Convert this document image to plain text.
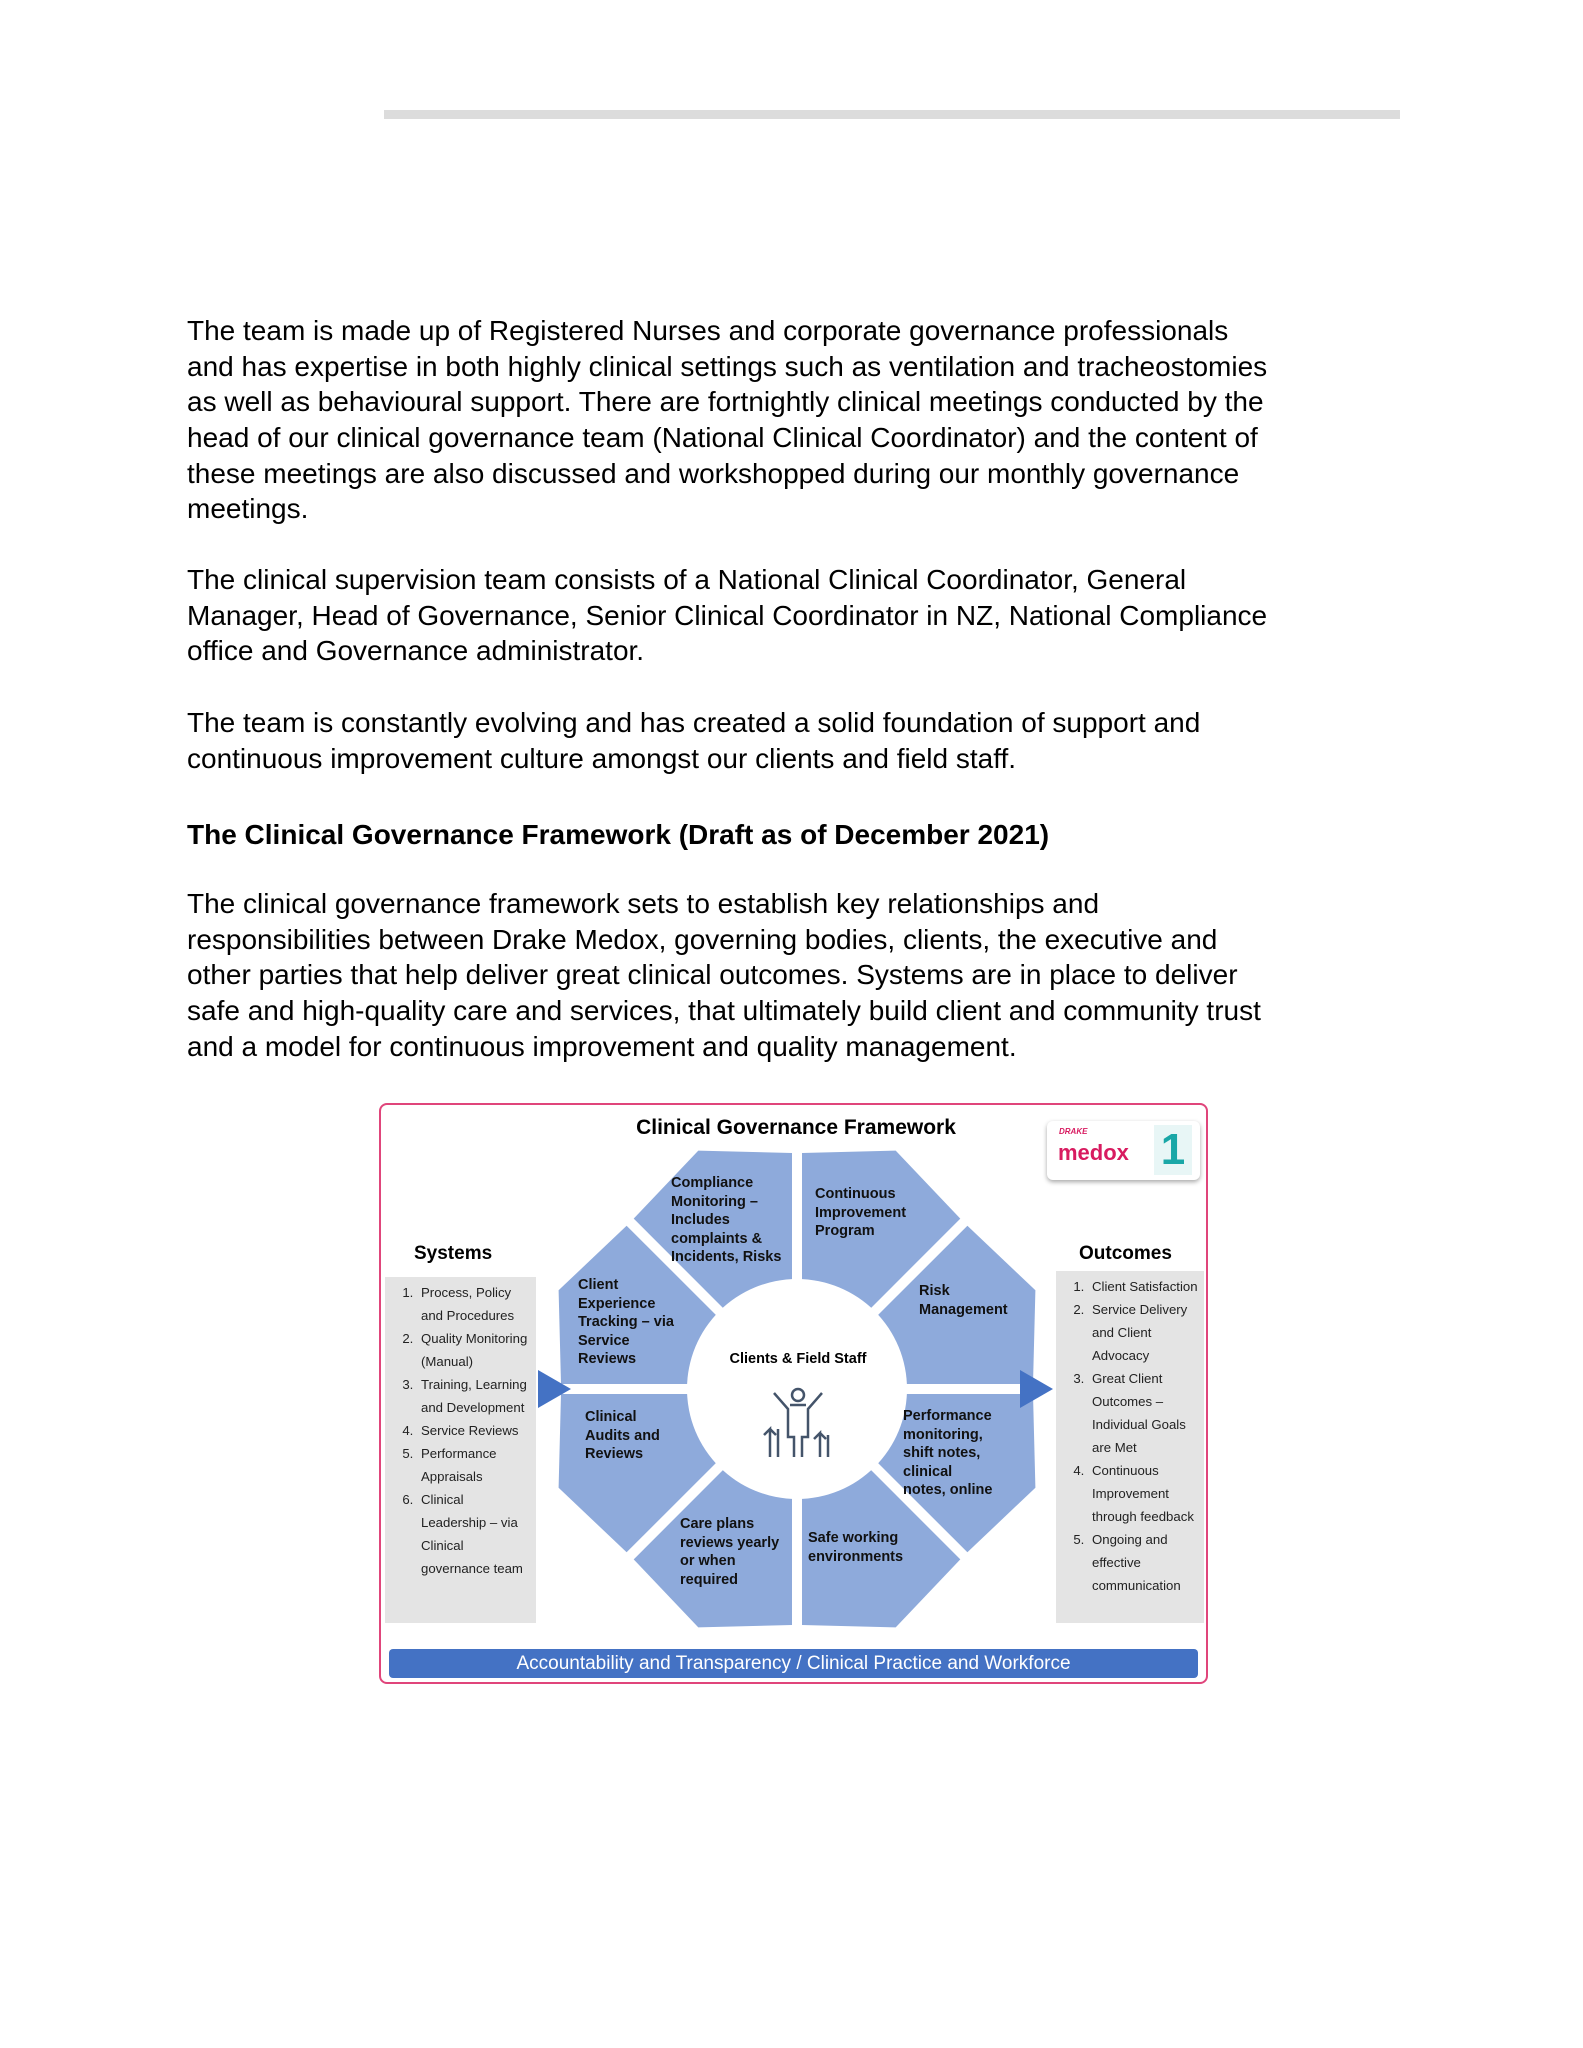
The team is made up of Registered Nurses and corporate governance professionals
and has expertise in both highly clinical settings such as ventilation and tracheostomies
as well as behavioural support. There are fortnightly clinical meetings conducted by the
head of our clinical governance team (National Clinical Coordinator) and the content of
these meetings are also discussed and workshopped during our monthly governance
meetings.
The clinical supervision team consists of a National Clinical Coordinator, General
Manager, Head of Governance, Senior Clinical Coordinator in NZ, National Compliance
office and Governance administrator.
The team is constantly evolving and has created a solid foundation of support and
continuous improvement culture amongst our clients and field staff.
The Clinical Governance Framework (Draft as of December 2021)
The clinical governance framework sets to establish key relationships and
responsibilities between Drake Medox, governing bodies, clients, the executive and
other parties that help deliver great clinical outcomes. Systems are in place to deliver
safe and high-quality care and services, that ultimately build client and community trust
and a model for continuous improvement and quality management.
Clinical Governance Framework	DRAKE
medox 1
Compliance
Monitoring –
Includes
complaints &
Incidents, Risks
Continuous
Improvement
Program
Risk
Management
Performance
monitoring,
shift notes,
clinical
notes, online
Safe working
environments
Care plans
reviews yearly
or when
required
Clinical
Audits and
Reviews
Client
Experience
Tracking – via
Service
Reviews	Clients & Field Staff
Systems
1. Process, Policy and Procedures
2. Quality Monitoring (Manual)
3. Training, Learning and Development
4. Service Reviews
5. Performance Appraisals
6. Clinical Leadership – via Clinical governance team
Outcomes
1. Client Satisfaction
2. Service Delivery and Client Advocacy
3. Great Client Outcomes – Individual Goals are Met
4. Continuous Improvement through feedback
5. Ongoing and effective communication
Accountability and Transparency / Clinical Practice and Workforce
